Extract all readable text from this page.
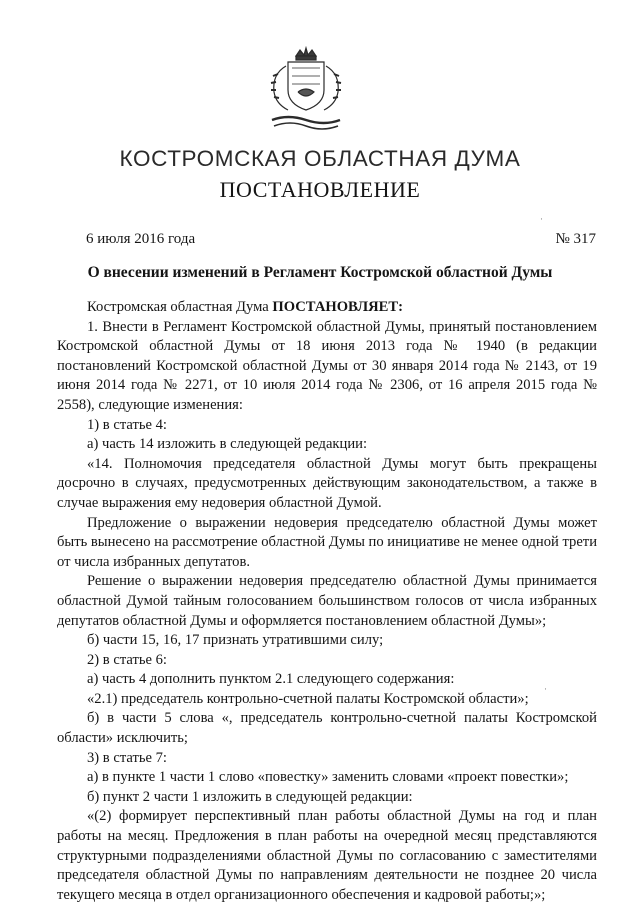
КОСТРОМСКАЯ ОБЛАСТНАЯ ДУМА
ПОСТАНОВЛЕНИЕ
6 июля 2016 года	№ 317
О внесении изменений в Регламент Костромской областной Думы

Костромская областная Дума ПОСТАНОВЛЯЕТ:

1. Внести в Регламент Костромской областной Думы, принятый постановлением Костромской областной Думы от 18 июня 2013 года № 1940 (в редакции постановлений Костромской областной Думы от 30 января 2014 года № 2143, от 19 июня 2014 года № 2271, от 10 июля 2014 года № 2306, от 16 апреля 2015 года № 2558), следующие изменения:

1) в статье 4:

а) часть 14 изложить в следующей редакции:

«14. Полномочия председателя областной Думы могут быть прекращены досрочно в случаях, предусмотренных действующим законодательством, а также в случае выражения ему недоверия областной Думой.

Предложение о выражении недоверия председателю областной Думы может быть вынесено на рассмотрение областной Думы по инициативе не менее одной трети от числа избранных депутатов.

Решение о выражении недоверия председателю областной Думы принимается областной Думой тайным голосованием большинством голосов от числа избранных депутатов областной Думы и оформляется постановлением областной Думы»;

б) части 15, 16, 17 признать утратившими силу;

2) в статье 6:

а) часть 4 дополнить пунктом 2.1 следующего содержания:

«2.1) председатель контрольно-счетной палаты Костромской области»;

б) в части 5 слова «, председатель контрольно-счетной палаты Костромской области» исключить;

3) в статье 7:

а) в пункте 1 части 1 слово «повестку» заменить словами «проект повестки»;

б) пункт 2 части 1 изложить в следующей редакции:

«(2) формирует перспективный план работы областной Думы на год и план работы на месяц. Предложения в план работы на очередной месяц представляются структурными подразделениями областной Думы по согласованию с заместителями председателя областной Думы по направлениям деятельности не позднее 20 числа текущего месяца в отдел организационного обеспечения и кадровой работы;»;

·
·
